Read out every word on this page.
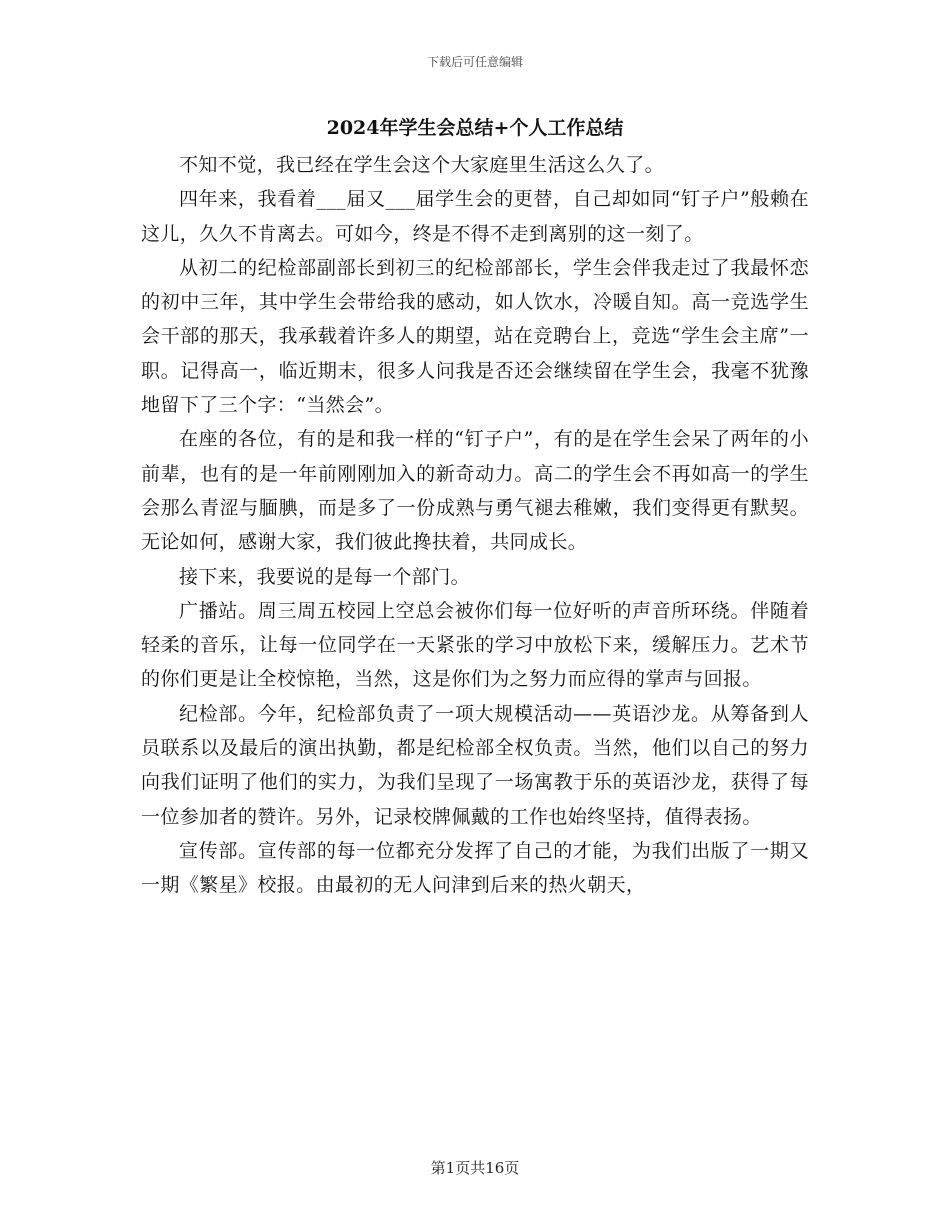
下载后可任意编辑
2024年学生会总结+个人工作总结

不知不觉，我已经在学生会这个大家庭里生活这么久了。

四年来，我看着___届又___届学生会的更替，自己却如同“钉子户”般赖在这儿，久久不肯离去。可如今，终是不得不走到离别的这一刻了。

从初二的纪检部副部长到初三的纪检部部长，学生会伴我走过了我最怀恋的初中三年，其中学生会带给我的感动，如人饮水，冷暖自知。高一竞选学生会干部的那天，我承载着许多人的期望，站在竞聘台上，竞选“学生会主席”一职。记得高一，临近期末，很多人问我是否还会继续留在学生会，我毫不犹豫地留下了三个字：“当然会”。

在座的各位，有的是和我一样的“钉子户”，有的是在学生会呆了两年的小前辈，也有的是一年前刚刚加入的新奇动力。高二的学生会不再如高一的学生会那么青涩与腼腆，而是多了一份成熟与勇气褪去稚嫩，我们变得更有默契。无论如何，感谢大家，我们彼此搀扶着，共同成长。

接下来，我要说的是每一个部门。

广播站。周三周五校园上空总会被你们每一位好听的声音所环绕。伴随着轻柔的音乐，让每一位同学在一天紧张的学习中放松下来，缓解压力。艺术节的你们更是让全校惊艳，当然，这是你们为之努力而应得的掌声与回报。

纪检部。今年，纪检部负责了一项大规模活动——英语沙龙。从筹备到人员联系以及最后的演出执勤，都是纪检部全权负责。当然，他们以自己的努力向我们证明了他们的实力，为我们呈现了一场寓教于乐的英语沙龙，获得了每一位参加者的赞许。另外，记录校牌佩戴的工作也始终坚持，值得表扬。

宣传部。宣传部的每一位都充分发挥了自己的才能，为我们出版了一期又一期《繁星》校报。由最初的无人问津到后来的热火朝天，

第1页共16页
